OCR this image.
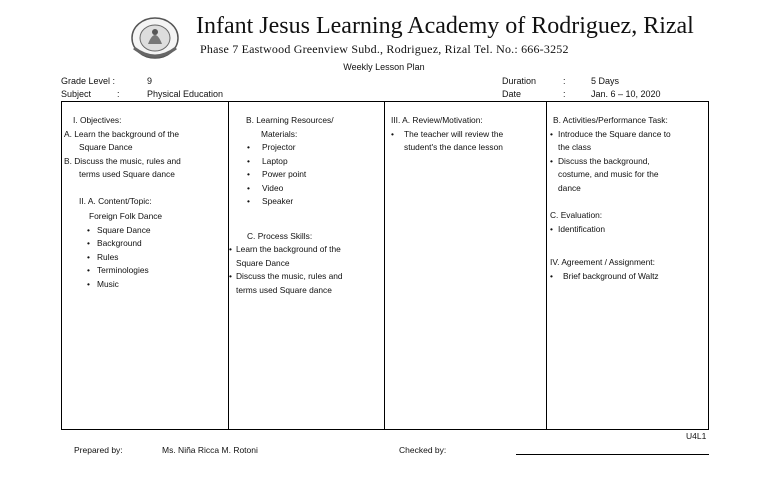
Infant Jesus Learning Academy of Rodriguez, Rizal
Phase 7 Eastwood Greenview Subd., Rodriguez, Rizal Tel. No.: 666-3252
Weekly Lesson Plan
Grade Level :	9
Subject	:	Physical Education
Duration	:	5 Days
Date	:	Jan. 6 – 10, 2020
I. Objectives:
A. Learn the background of the
Square Dance
B. Discuss the music, rules and
terms used Square dance
II. A. Content/Topic:
Foreign Folk Dance
• Square Dance
• Background
• Rules
• Terminologies
• Music
B. Learning Resources/
Materials:
• Projector
• Laptop
• Power point
• Video
• Speaker
C. Process Skills:
• Learn the background of the
Square Dance
• Discuss the music, rules and
terms used Square dance
III. A. Review/Motivation:
• The teacher will review the
student's the dance lesson
B. Activities/Performance Task:
• Introduce the Square dance to
the class
• Discuss the background,
costume, and music for the
dance
C. Evaluation:
• Identification
IV. Agreement / Assignment:
• Brief background of Waltz
U4L1
Prepared by:	Ms. Niña Ricca M. Rotoni	Checked by:
